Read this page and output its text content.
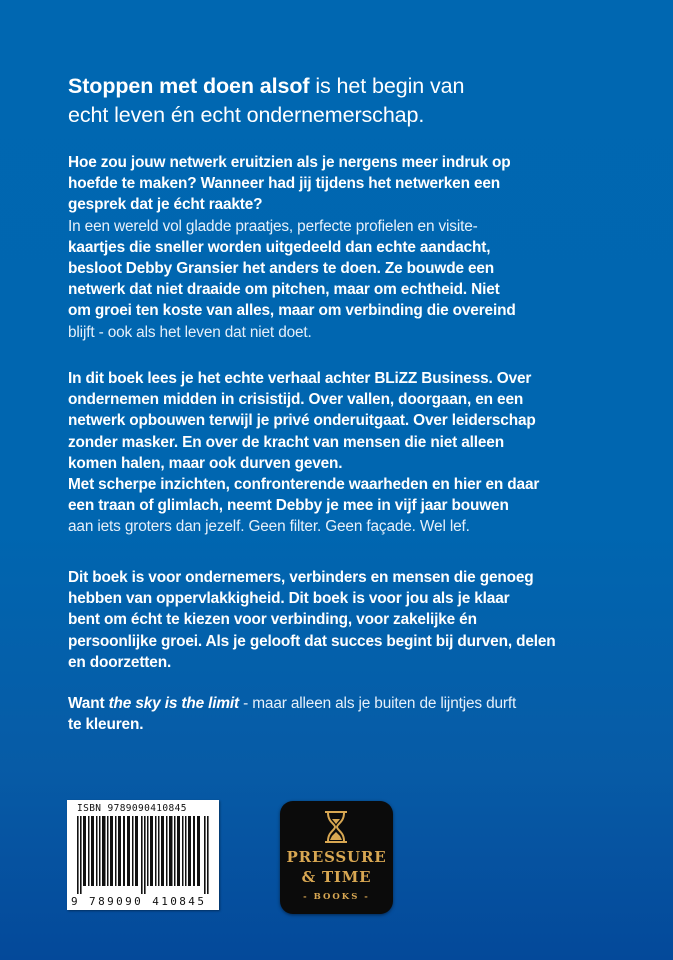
Stoppen met doen alsof is het begin van
echt leven én echt ondernemerschap.
Hoe zou jouw netwerk eruitzien als je nergens meer indruk op
hoefde te maken? Wanneer had jij tijdens het netwerken een
gesprek dat je écht raakte?
In een wereld vol gladde praatjes, perfecte profielen en visite-
kaartjes die sneller worden uitgedeeld dan echte aandacht,
besloot Debby Gransier het anders te doen. Ze bouwde een
netwerk dat niet draaide om pitchen, maar om echtheid. Niet
om groei ten koste van alles, maar om verbinding die overeind
blijft - ook als het leven dat niet doet.
In dit boek lees je het echte verhaal achter BLiZZ Business. Over
ondernemen midden in crisistijd. Over vallen, doorgaan, en een
netwerk opbouwen terwijl je privé onderuitgaat. Over leiderschap
zonder masker. En over de kracht van mensen die niet alleen
komen halen, maar ook durven geven.
Met scherpe inzichten, confronterende waarheden en hier en daar
een traan of glimlach, neemt Debby je mee in vijf jaar bouwen
aan iets groters dan jezelf. Geen filter. Geen façade. Wel lef.
Dit boek is voor ondernemers, verbinders en mensen die genoeg
hebben van oppervlakkigheid. Dit boek is voor jou als je klaar
bent om écht te kiezen voor verbinding, voor zakelijke én
persoonlijke groei. Als je gelooft dat succes begint bij durven, delen
en doorzetten.
Want the sky is the limit - maar alleen als je buiten de lijntjes durft
te kleuren.
ISBN 9789090410845
9 789090 410845
PRESSURE
& TIME
- BOOKS -
